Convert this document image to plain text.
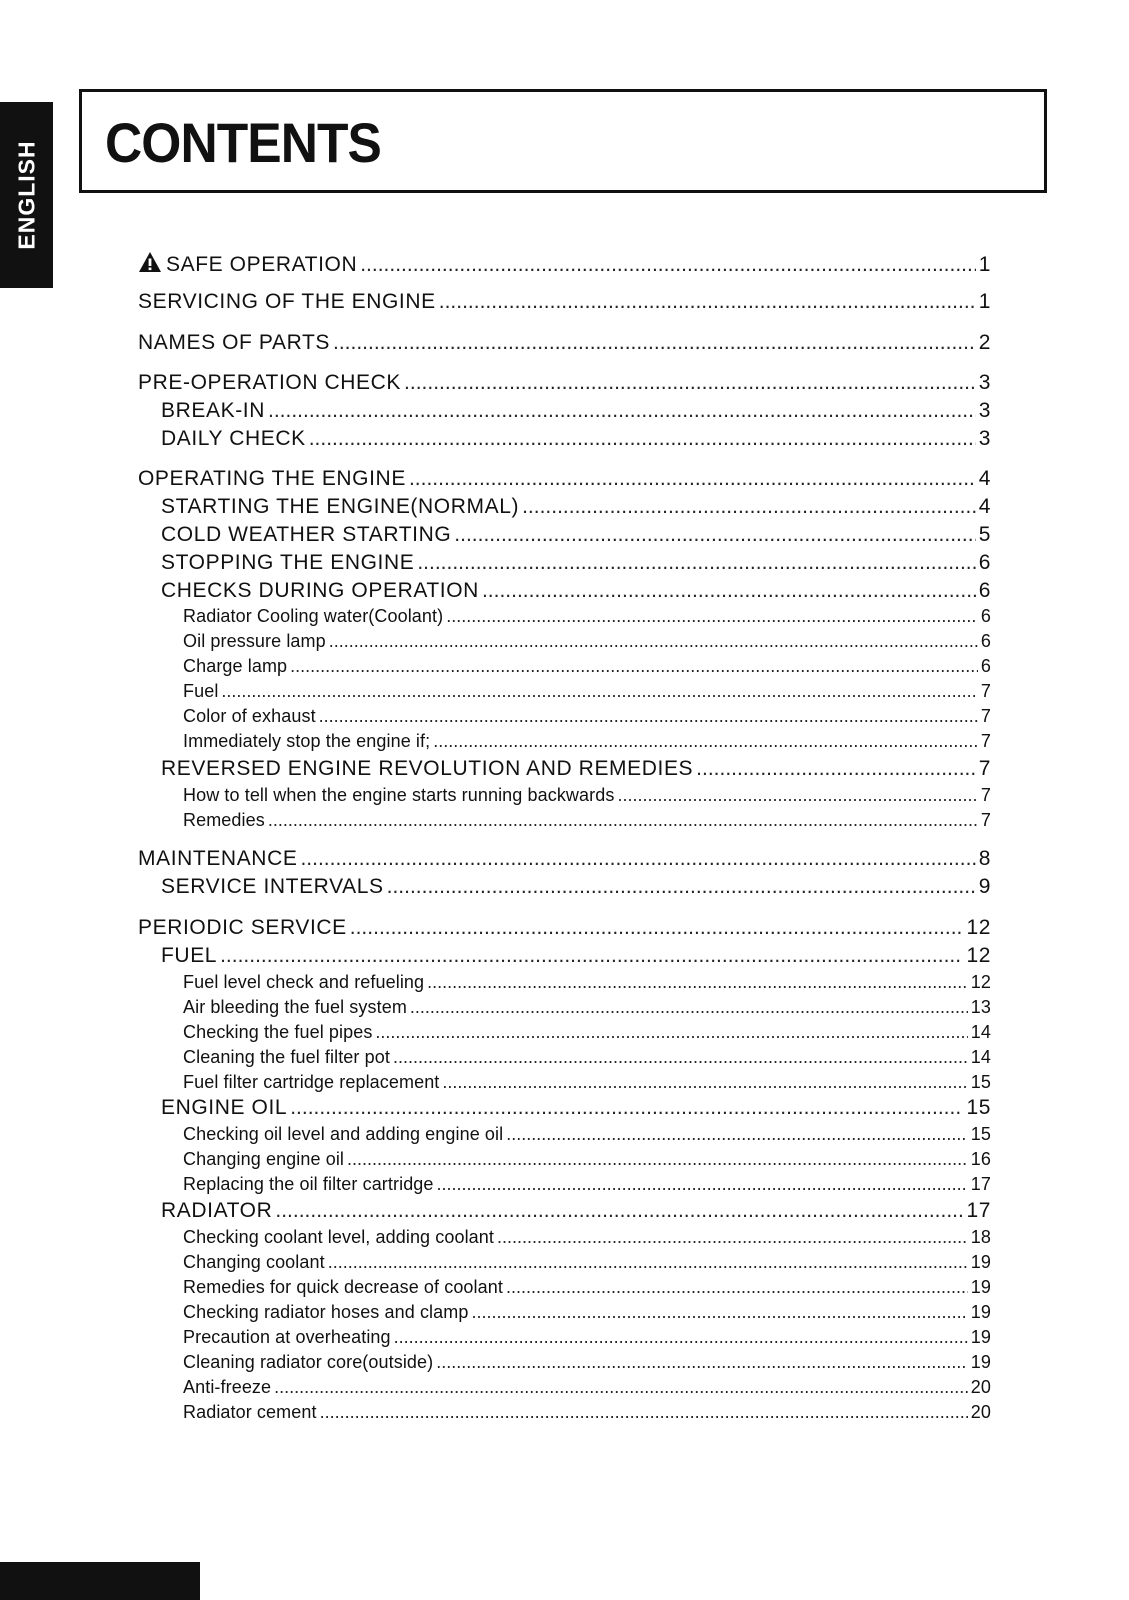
ENGLISH CONTENTS
SAFE OPERATION .....	1
SERVICING OF THE ENGINE .....	1
NAMES OF PARTS .....	2
PRE-OPERATION CHECK .....	3
BREAK-IN .....	3
DAILY CHECK .....	3
OPERATING THE ENGINE .....	4
STARTING THE ENGINE(NORMAL) .....	4
COLD WEATHER STARTING .....	5
STOPPING THE ENGINE .....	6
CHECKS DURING OPERATION .....	6
Radiator Cooling water(Coolant) .....	6
Oil pressure lamp .....	6
Charge lamp .....	6
Fuel .....	7
Color of exhaust .....	7
Immediately stop the engine if; .....	7
REVERSED ENGINE REVOLUTION AND REMEDIES .....	7
How to tell when the engine starts running backwards .....	7
Remedies .....	7
MAINTENANCE .....	8
SERVICE INTERVALS .....	9
PERIODIC SERVICE .....	12
FUEL .....	12
Fuel level check and refueling .....	12
Air bleeding the fuel system .....	13
Checking the fuel pipes .....	14
Cleaning the fuel filter pot .....	14
Fuel filter cartridge replacement .....	15
ENGINE OIL .....	15
Checking oil level and adding engine oil .....	15
Changing engine oil .....	16
Replacing the oil filter cartridge .....	17
RADIATOR .....	17
Checking coolant level, adding coolant .....	18
Changing coolant .....	19
Remedies for quick decrease of coolant .....	19
Checking radiator hoses and clamp .....	19
Precaution at overheating .....	19
Cleaning radiator core(outside) .....	19
Anti-freeze .....	20
Radiator cement .....	20
